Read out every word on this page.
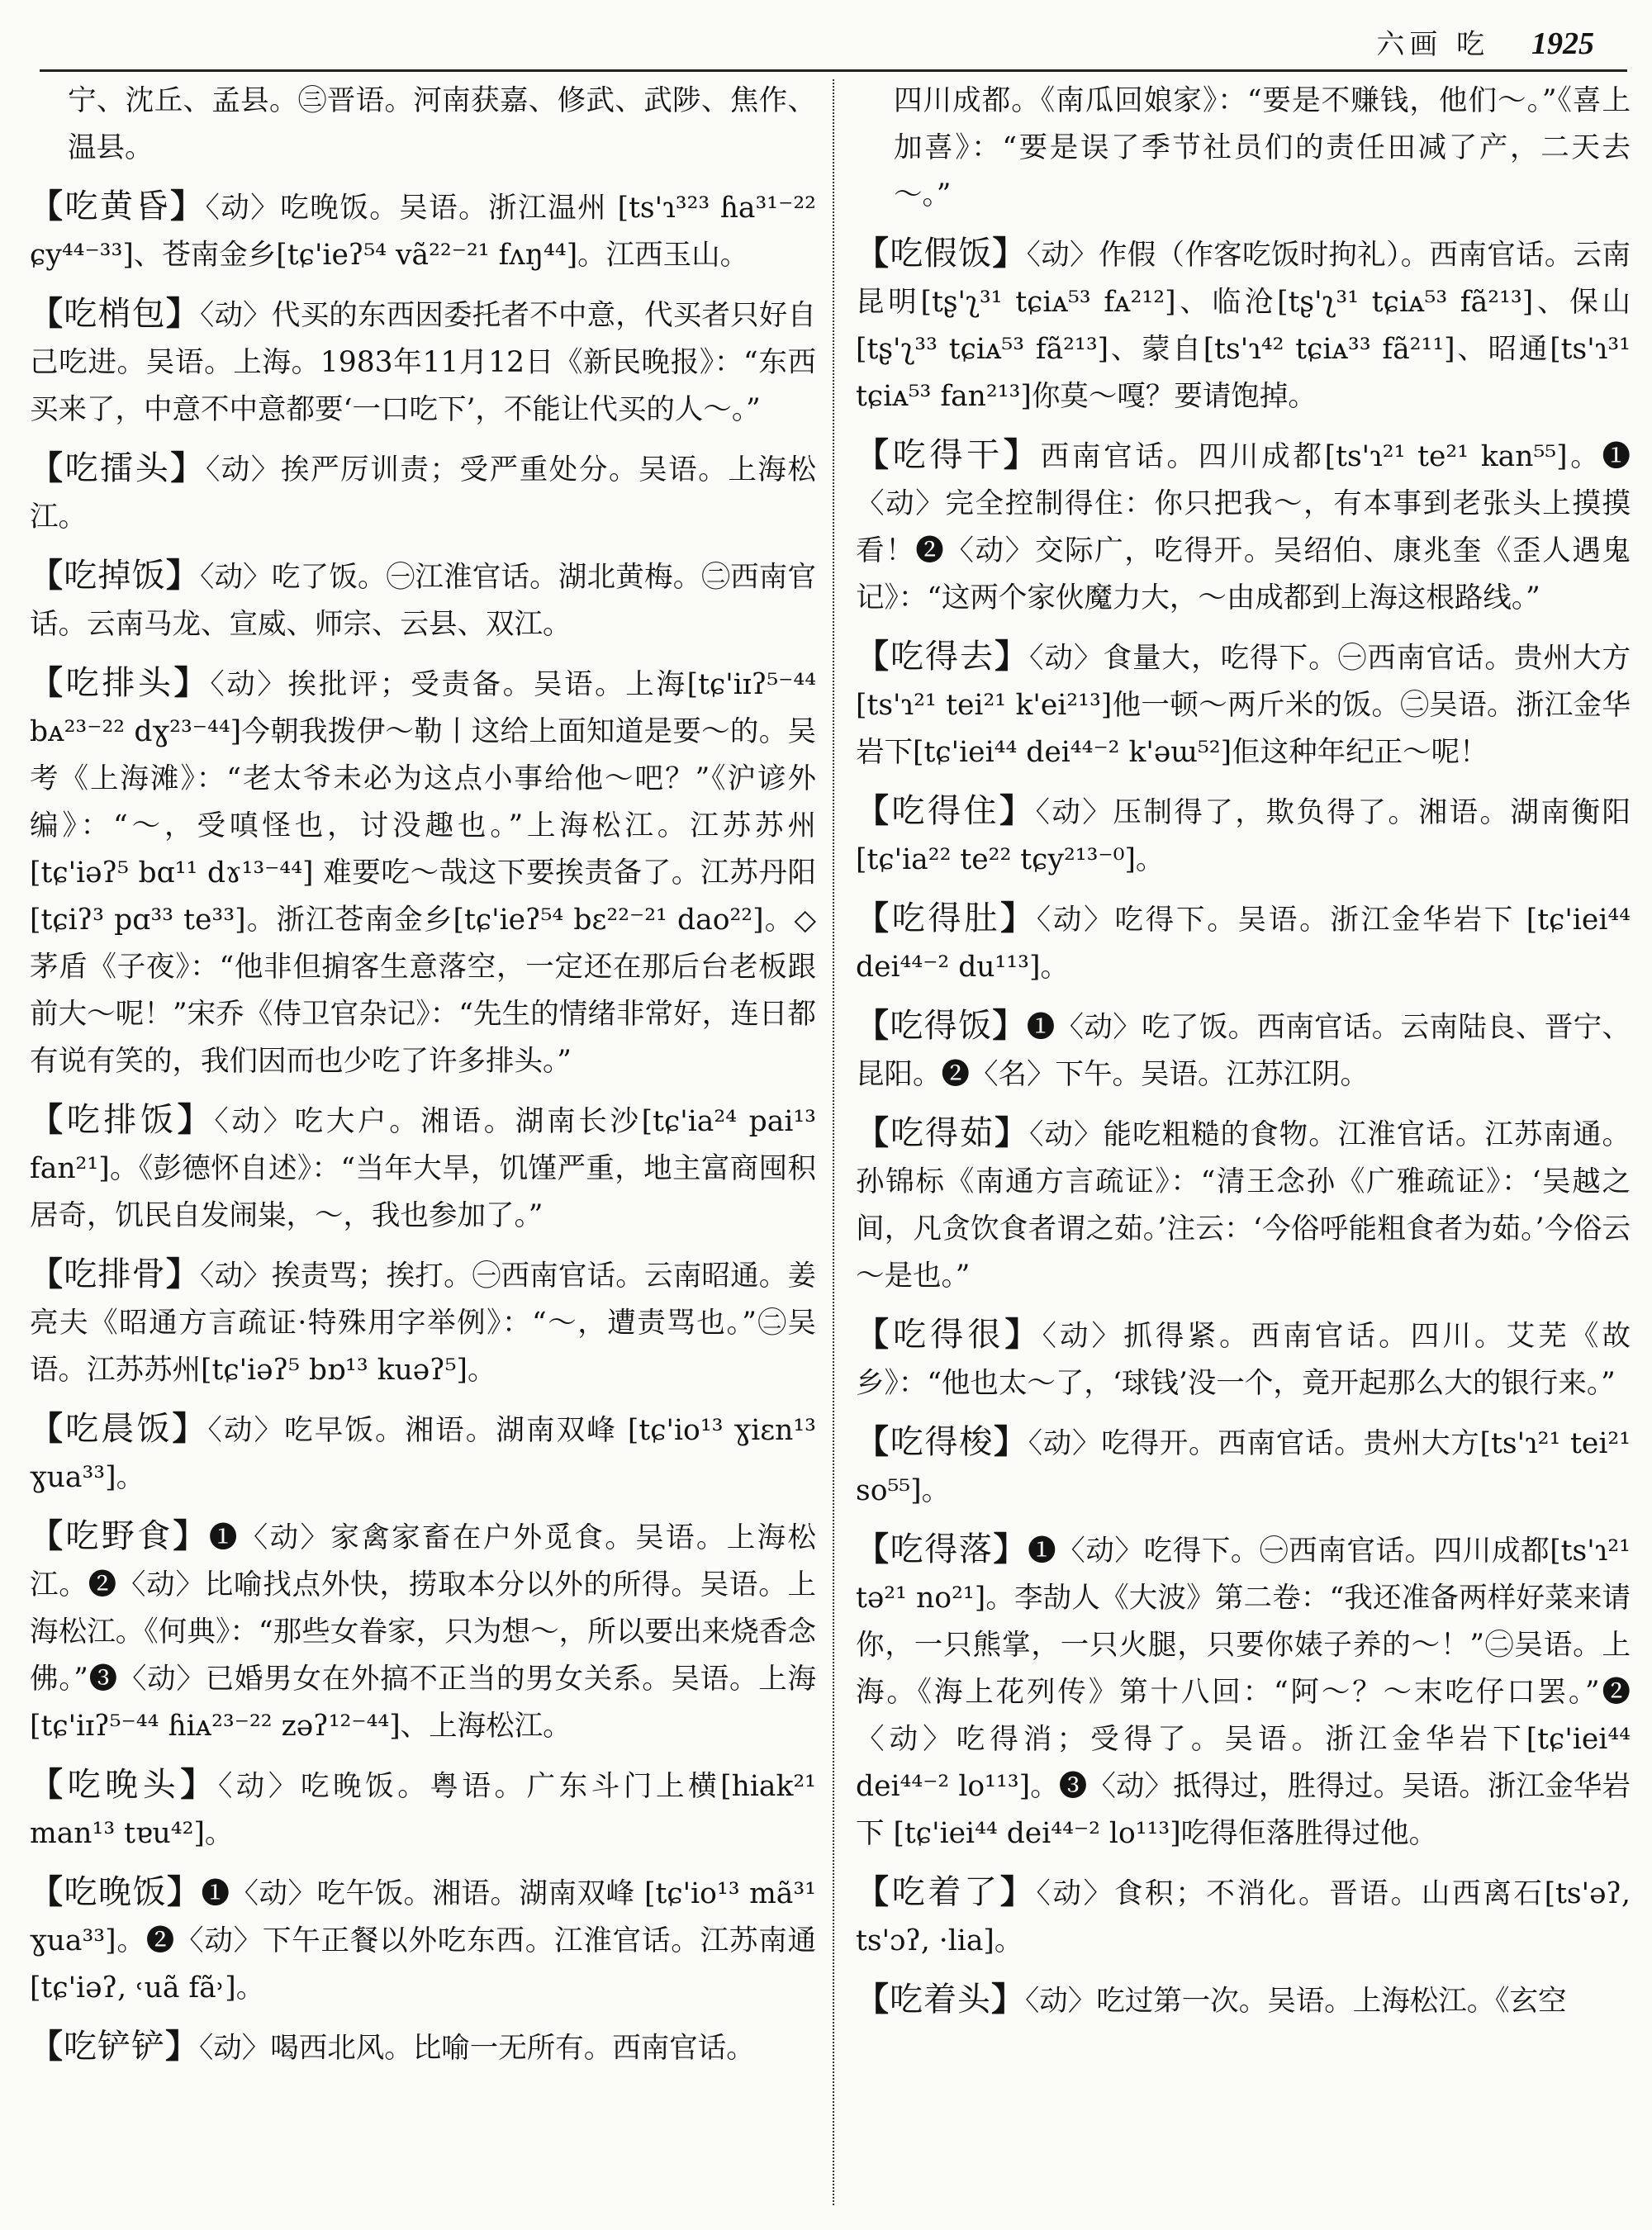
六画 吃 1925

宁、沈丘、孟县。㊂晋语。河南获嘉、修武、武陟、焦作、温县。

【吃黄昏】〈动〉吃晚饭。吴语。浙江温州 [ts'ɿ³²³ ɦa³¹⁻²² ɕy⁴⁴⁻³³]、苍南金乡[tɕ'ieʔ⁵⁴ vã²²⁻²¹ fʌŋ⁴⁴]。江西玉山。

【吃梢包】〈动〉代买的东西因委托者不中意，代买者只好自己吃进。吴语。上海。1983年11月12日《新民晚报》：“东西买来了，中意不中意都要‘一口吃下’，不能让代买的人～。”

【吃擂头】〈动〉挨严厉训责；受严重处分。吴语。上海松江。

【吃掉饭】〈动〉吃了饭。㊀江淮官话。湖北黄梅。㊁西南官话。云南马龙、宣威、师宗、云县、双江。

【吃排头】〈动〉挨批评；受责备。吴语。上海[tɕ'iɪʔ⁵⁻⁴⁴ bᴀ²³⁻²² dɣ²³⁻⁴⁴]今朝我拨伊～勒丨这给上面知道是要～的。吴考《上海滩》：“老太爷未必为这点小事给他～吧？”《沪谚外编》：“～，受嗔怪也，讨没趣也。”上海松江。江苏苏州 [tɕ'iəʔ⁵ bɑ¹¹ dɤ¹³⁻⁴⁴] 难要吃～哉这下要挨责备了。江苏丹阳[tɕiʔ³ pɑ³³ te³³]。浙江苍南金乡[tɕ'ieʔ⁵⁴ bɛ²²⁻²¹ dao²²]。◇茅盾《子夜》：“他非但掮客生意落空，一定还在那后台老板跟前大～呢！”宋乔《侍卫官杂记》：“先生的情绪非常好，连日都有说有笑的，我们因而也少吃了许多排头。”

【吃排饭】〈动〉吃大户。湘语。湖南长沙[tɕ'ia²⁴ pai¹³ fan²¹]。《彭德怀自述》：“当年大旱，饥馑严重，地主富商囤积居奇，饥民自发闹粜，～，我也参加了。”

【吃排骨】〈动〉挨责骂；挨打。㊀西南官话。云南昭通。姜亮夫《昭通方言疏证·特殊用字举例》：“～，遭责骂也。”㊁吴语。江苏苏州[tɕ'iəʔ⁵ bɒ¹³ kuəʔ⁵]。

【吃晨饭】〈动〉吃早饭。湘语。湖南双峰 [tɕ'io¹³ ɣiɛn¹³ ɣua³³]。

【吃野食】❶〈动〉家禽家畜在户外觅食。吴语。上海松江。❷〈动〉比喻找点外快，捞取本分以外的所得。吴语。上海松江。《何典》：“那些女眷家，只为想～，所以要出来烧香念佛。”❸〈动〉已婚男女在外搞不正当的男女关系。吴语。上海[tɕ'iɪʔ⁵⁻⁴⁴ ɦiᴀ²³⁻²² zəʔ¹²⁻⁴⁴]、上海松江。

【吃晚头】〈动〉吃晚饭。粤语。广东斗门上横[hiak²¹ man¹³ tɐu⁴²]。

【吃晚饭】❶〈动〉吃午饭。湘语。湖南双峰 [tɕ'io¹³ mã³¹ ɣua³³]。❷〈动〉下午正餐以外吃东西。江淮官话。江苏南通[tɕ'iəʔ, ˓uã fã˒]。

【吃铲铲】〈动〉喝西北风。比喻一无所有。西南官话。

四川成都。《南瓜回娘家》：“要是不赚钱，他们～。”《喜上加喜》：“要是误了季节社员们的责任田减了产，二天去～。”

【吃假饭】〈动〉作假（作客吃饭时拘礼）。西南官话。云南昆明[tʂ'ʅ³¹ tɕiᴀ⁵³ fᴀ²¹²]、临沧[tʂ'ʅ³¹ tɕiᴀ⁵³ fã²¹³]、保山 [tʂ'ʅ³³ tɕiᴀ⁵³ fã²¹³]、蒙自[ts'ɿ⁴² tɕiᴀ³³ fã²¹¹]、昭通[ts'ɿ³¹ tɕiᴀ⁵³ fan²¹³]你莫～嘎？要请饱掉。

【吃得干】西南官话。四川成都[ts'ɿ²¹ te²¹ kan⁵⁵]。❶〈动〉完全控制得住：你只把我～，有本事到老张头上摸摸看！❷〈动〉交际广，吃得开。吴绍伯、康兆奎《歪人遇鬼记》：“这两个家伙魔力大，～由成都到上海这根路线。”

【吃得去】〈动〉食量大，吃得下。㊀西南官话。贵州大方[ts'ɿ²¹ tei²¹ k'ei²¹³]他一顿～两斤米的饭。㊁吴语。浙江金华岩下[tɕ'iei⁴⁴ dei⁴⁴⁻² k'əɯ⁵²]佢这种年纪正～呢！

【吃得住】〈动〉压制得了，欺负得了。湘语。湖南衡阳[tɕ'ia²² te²² tɕy²¹³⁻⁰]。

【吃得肚】〈动〉吃得下。吴语。浙江金华岩下 [tɕ'iei⁴⁴ dei⁴⁴⁻² du¹¹³]。

【吃得饭】❶〈动〉吃了饭。西南官话。云南陆良、晋宁、昆阳。❷〈名〉下午。吴语。江苏江阴。

【吃得茹】〈动〉能吃粗糙的食物。江淮官话。江苏南通。孙锦标《南通方言疏证》：“清王念孙《广雅疏证》：‘吴越之间，凡贪饮食者谓之茹。’注云：‘今俗呼能粗食者为茹。’今俗云～是也。”

【吃得很】〈动〉抓得紧。西南官话。四川。艾芜《故乡》：“他也太～了，‘球钱’没一个，竟开起那么大的银行来。”

【吃得梭】〈动〉吃得开。西南官话。贵州大方[ts'ɿ²¹ tei²¹ so⁵⁵]。

【吃得落】❶〈动〉吃得下。㊀西南官话。四川成都[ts'ɿ²¹ tə²¹ no²¹]。李劼人《大波》第二卷：“我还准备两样好菜来请你，一只熊掌，一只火腿，只要你婊子养的～！”㊁吴语。上海。《海上花列传》第十八回：“阿～？～末吃仔口罢。”❷〈动〉吃得消；受得了。吴语。浙江金华岩下[tɕ'iei⁴⁴ dei⁴⁴⁻² lo¹¹³]。❸〈动〉抵得过，胜得过。吴语。浙江金华岩下 [tɕ'iei⁴⁴ dei⁴⁴⁻² lo¹¹³]吃得佢落胜得过他。

【吃着了】〈动〉食积；不消化。晋语。山西离石[ts'əʔ, ts'ɔʔ, ·lia]。

【吃着头】〈动〉吃过第一次。吴语。上海松江。《玄空
